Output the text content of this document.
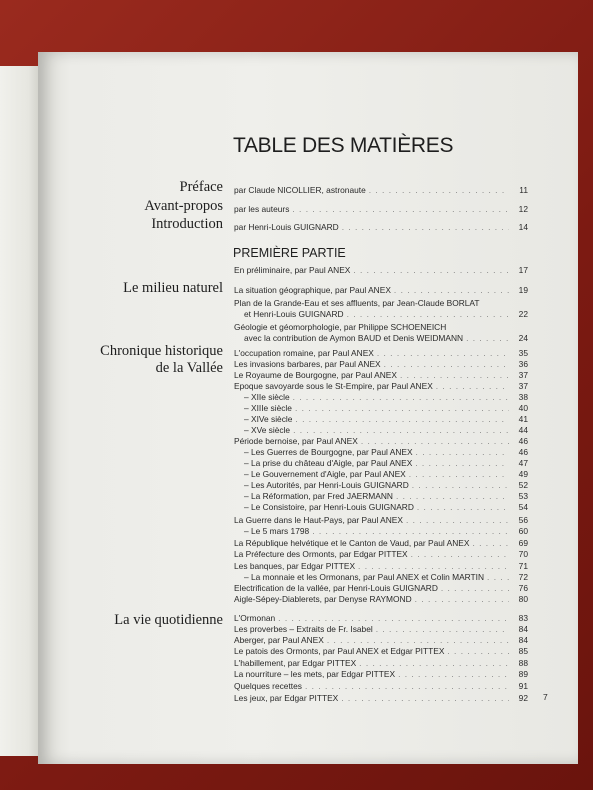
TABLE DES MATIÈRES
Préface
Avant-propos
Introduction
par Claude NICOLLIER, astronaute . . .	11
par les auteurs . . .	12
par Henri-Louis GUIGNARD . . .	14
PREMIÈRE PARTIE
Le milieu naturel
Chronique historique
de la Vallée
La vie quotidienne
En préliminaire, par Paul ANEX . . .	17
La situation géographique, par Paul ANEX . . .	19
Plan de la Grande-Eau et ses affluents, par Jean-Claude BORLAT
et Henri-Louis GUIGNARD . . .	22
Géologie et géomorphologie, par Philippe SCHOENEICH
avec la contribution de Aymon BAUD et Denis WEIDMANN . . .	24
L'occupation romaine, par Paul ANEX . . .	35
Les invasions barbares, par Paul ANEX . . .	36
Le Royaume de Bourgogne, par Paul ANEX . . .	37
Epoque savoyarde sous le St-Empire, par Paul ANEX . . .	37
– XIIe siècle . . .	38
– XIIIe siècle . . .	40
– XIVe siècle . . .	41
– XVe siècle . . .	44
Période bernoise, par Paul ANEX . . .	46
– Les Guerres de Bourgogne, par Paul ANEX . . .	46
– La prise du château d'Aigle, par Paul ANEX . . .	47
– Le Gouvernement d'Aigle, par Paul ANEX . . .	49
– Les Autorités, par Henri-Louis GUIGNARD . . .	52
– La Réformation, par Fred JAERMANN . . .	53
– Le Consistoire, par Henri-Louis GUIGNARD . . .	54
La Guerre dans le Haut-Pays, par Paul ANEX . . .	56
– Le 5 mars 1798 . . .	60
La République helvétique et le Canton de Vaud, par Paul ANEX . . .	69
La Préfecture des Ormonts, par Edgar PITTEX . . .	70
Les banques, par Edgar PITTEX . . .	71
– La monnaie et les Ormonans, par Paul ANEX et Colin MARTIN . . .	72
Electrification de la vallée, par Henri-Louis GUIGNARD . . .	76
Aigle-Sépey-Diablerets, par Denyse RAYMOND . . .	80
L'Ormonan . . .	83
Les proverbes – Extraits de Fr. Isabel . . .	84
Aberger, par Paul ANEX . . .	84
Le patois des Ormonts, par Paul ANEX et Edgar PITTEX . . .	85
L'habillement, par Edgar PITTEX . . .	88
La nourriture – les mets, par Edgar PITTEX . . .	89
Quelques recettes . . .	91
Les jeux, par Edgar PITTEX . . .	92 7
